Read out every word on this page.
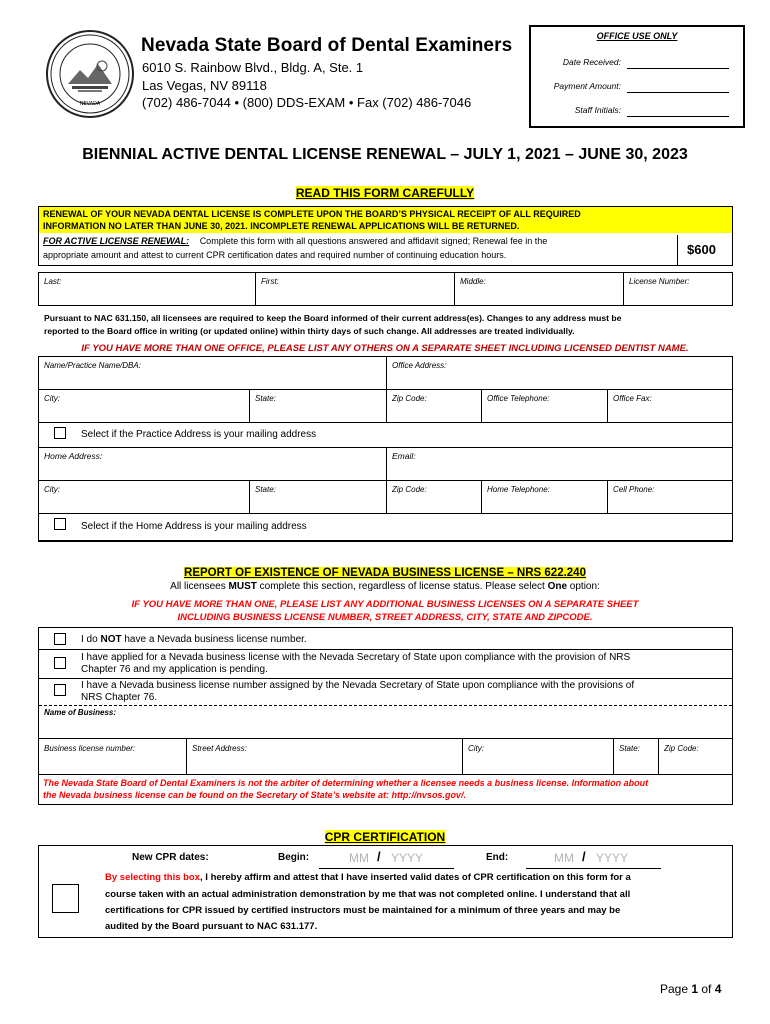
NEVADA
Nevada State Board of Dental Examiners
6010 S. Rainbow Blvd., Bldg. A, Ste. 1
Las Vegas, NV 89118
(702) 486-7044 • (800) DDS-EXAM • Fax (702) 486-7046
OFFICE USE ONLY
Date Received:
Payment Amount:
Staff Initials:
BIENNIAL ACTIVE DENTAL LICENSE RENEWAL – JULY 1, 2021 – JUNE 30, 2023
READ THIS FORM CAREFULLY
RENEWAL OF YOUR NEVADA DENTAL LICENSE IS COMPLETE UPON THE BOARD’S PHYSICAL RECEIPT OF ALL REQUIRED
INFORMATION NO LATER THAN JUNE 30, 2021. INCOMPLETE RENEWAL APPLICATIONS WILL BE RETURNED.
FOR ACTIVE LICENSE RENEWAL: Complete this form with all questions answered and affidavit signed; Renewal fee in the
appropriate amount and attest to current CPR certification dates and required number of continuing education hours.	$600
Last:	First:	Middle:	License Number:
Pursuant to NAC 631.150, all licensees are required to keep the Board informed of their current address(es). Changes to any address must be
reported to the Board office in writing (or updated online) within thirty days of such change. All addresses are treated individually.
IF YOU HAVE MORE THAN ONE OFFICE, PLEASE LIST ANY OTHERS ON A SEPARATE SHEET INCLUDING LICENSED DENTIST NAME.
Name/Practice Name/DBA:	Office Address:
City:	State:	Zip Code:	Office Telephone:	Office Fax:
Select if the Practice Address is your mailing address
Home Address:	Email:
City:	State:	Zip Code:	Home Telephone:	Cell Phone:
Select if the Home Address is your mailing address
REPORT OF EXISTENCE OF NEVADA BUSINESS LICENSE – NRS 622.240
All licensees MUST complete this section, regardless of license status. Please select One option:
IF YOU HAVE MORE THAN ONE, PLEASE LIST ANY ADDITIONAL BUSINESS LICENSES ON A SEPARATE SHEET
INCLUDING BUSINESS LICENSE NUMBER, STREET ADDRESS, CITY, STATE AND ZIPCODE.
I do NOT have a Nevada business license number.
I have applied for a Nevada business license with the Nevada Secretary of State upon compliance with the provision of NRS
Chapter 76 and my application is pending.
I have a Nevada business license number assigned by the Nevada Secretary of State upon compliance with the provisions of
NRS Chapter 76.
Name of Business:
Business license number:	Street Address:	City:	State:	Zip Code:
The Nevada State Board of Dental Examiners is not the arbiter of determining whether a licensee needs a business license. Information about
the Nevada business license can be found on the Secretary of State’s website at: http://nvsos.gov/.
CPR CERTIFICATION
New CPR dates:	Begin:	MM / YYYY	End:	MM / YYYY
By selecting this box, I hereby affirm and attest that I have inserted valid dates of CPR certification on this form for a
course taken with an actual administration demonstration by me that was not completed online. I understand that all
certifications for CPR issued by certified instructors must be maintained for a minimum of three years and may be
audited by the Board pursuant to NAC 631.177.
Page 1 of 4
